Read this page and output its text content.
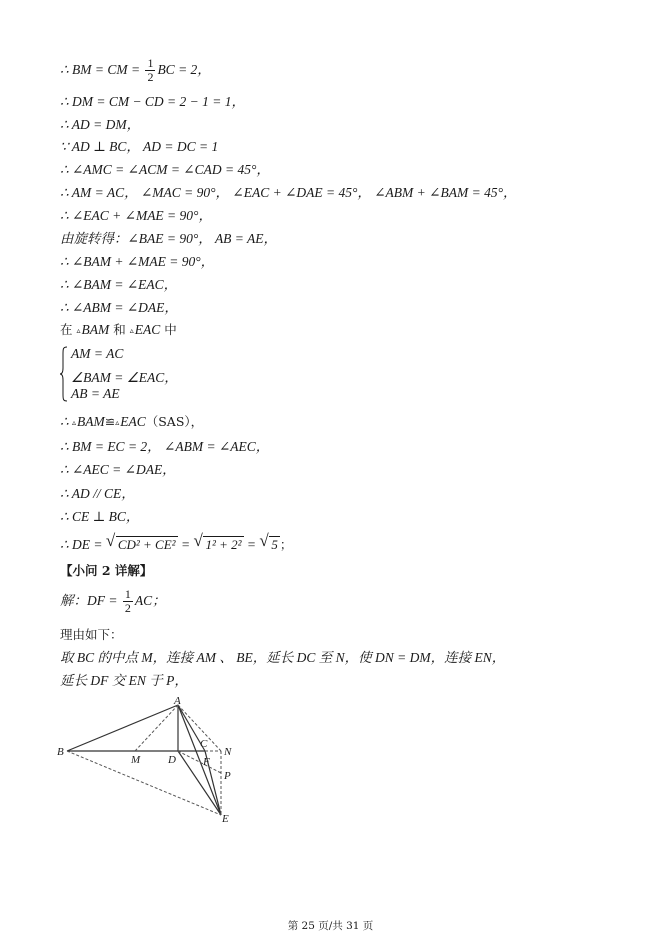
∴ BM = CM = $\frac{1}{2}$ BC = 2，
∴ DM = CM − CD = 2 − 1 = 1，
∴ AD = DM，
∵ AD ⊥ BC， AD = DC = 1
∴ ∠AMC = ∠ACM = ∠CAD = 45°，
∴ AM = AC， ∠MAC = 90°， ∠EAC + ∠DAE = 45°， ∠ABM + ∠BAM = 45°，
∴ ∠EAC + ∠MAE = 90°，
由旋转得：∠BAE = 90°， AB = AE，
∴ ∠BAM + ∠MAE = 90°，
∴ ∠BAM = ∠EAC，
∴ ∠ABM = ∠DAE，
在 ▵BAM 和 ▵EAC 中
AM = AC
∠BAM = ∠EAC，
AB = AE
∴ ▵BAM≌▵EAC（SAS），
∴ BM = EC = 2， ∠ABM = ∠AEC，
∴ ∠AEC = ∠DAE，
∴ AD // CE，
∴ CE ⊥ BC，
∴ DE = √ CD² + CE² = √ 1² + 2² = √ 5 ；
【小问 2 详解】
解：DF = $\frac{1}{2}$ AC；
理由如下：
取 BC 的中点 M，连接 AM 、 BE，延长 DC 至 N，使 DN = DM，连接 EN，
延长 DF 交 EN 于 P，
A
B
M	D F
C
N
P
E
第 25 页/共 31 页
